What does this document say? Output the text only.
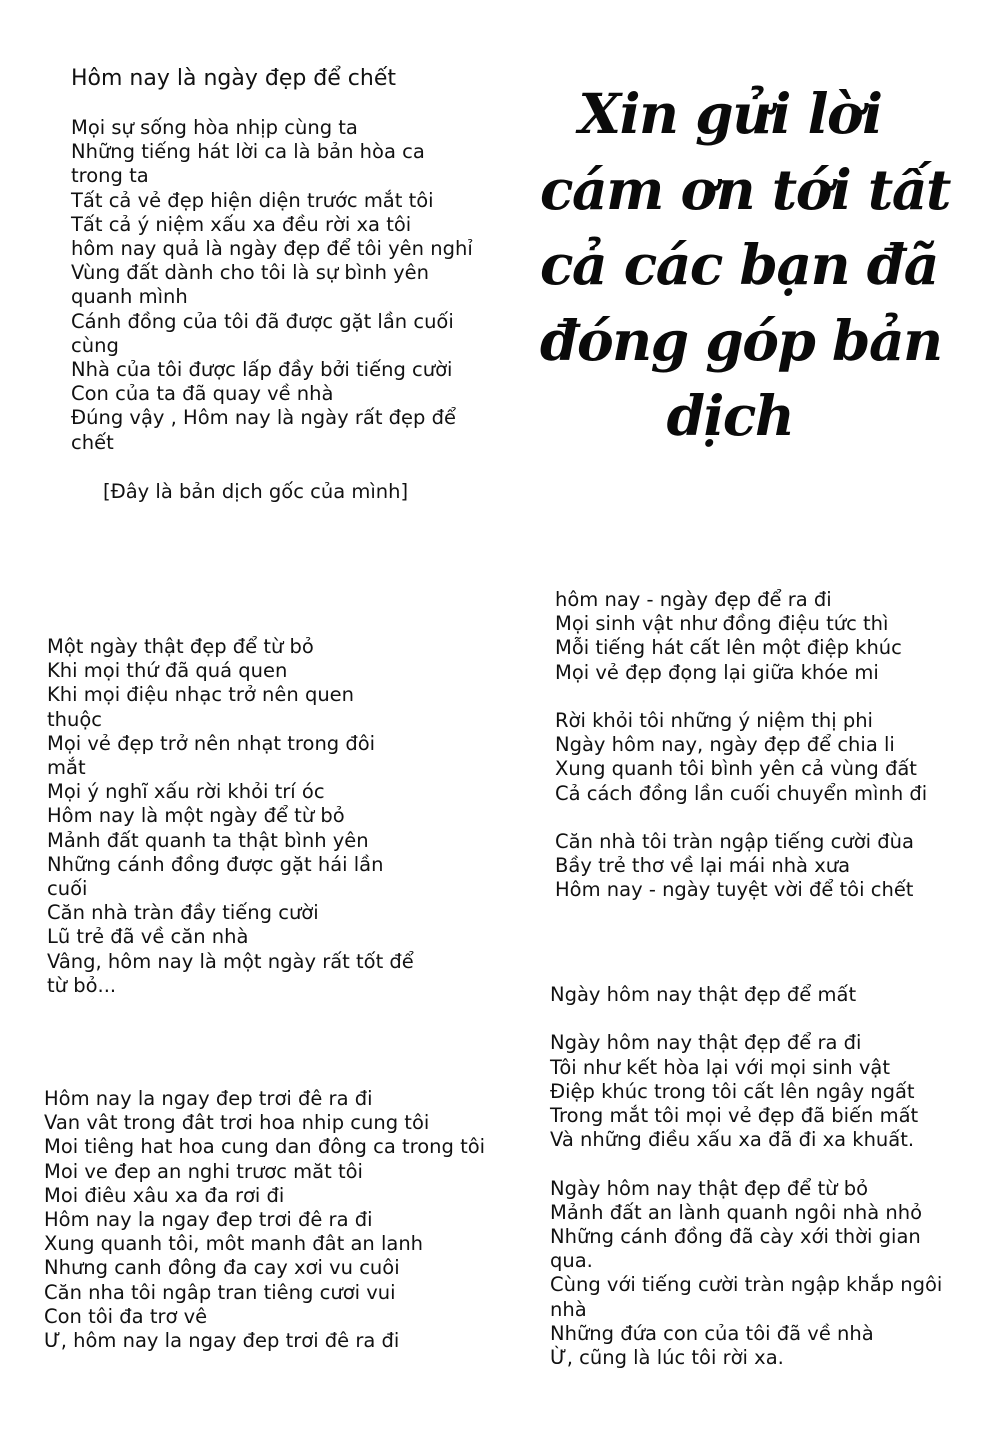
Hôm nay là ngày đẹp để chết
Mọi sự sống hòa nhịp cùng ta
Những tiếng hát lời ca là bản hòa ca
trong ta
Tất cả vẻ đẹp hiện diện trước mắt tôi
Tất cả ý niệm xấu xa đều rời xa tôi
hôm nay quả là ngày đẹp để tôi yên nghỉ
Vùng đất dành cho tôi là sự bình yên
quanh mình
Cánh đồng của tôi đã được gặt lần cuối
cùng
Nhà của tôi được lấp đầy bởi tiếng cười
Con của ta đã quay về nhà
Đúng vậy , Hôm nay là ngày rất đẹp để
chết
[Đây là bản dịch gốc của mình]
Xin gửi lời
cám ơn tới tất
cả các bạn đã
đóng góp bản
dịch
Một ngày thật đẹp để từ bỏ
Khi mọi thứ đã quá quen
Khi mọi điệu nhạc trở nên quen
thuộc
Mọi vẻ đẹp trở nên nhạt trong đôi
mắt
Mọi ý nghĩ xấu rời khỏi trí óc
Hôm nay là một ngày để từ bỏ
Mảnh đất quanh ta thật bình yên
Những cánh đồng được gặt hái lần
cuối
Căn nhà tràn đầy tiếng cười
Lũ trẻ đã về căn nhà
Vâng, hôm nay là một ngày rất tốt để
từ bỏ...
hôm nay - ngày đẹp để ra đi
Mọi sinh vật như đồng điệu tức thì
Mỗi tiếng hát cất lên một điệp khúc
Mọi vẻ đẹp đọng lại giữa khóe mi

Rời khỏi tôi những ý niệm thị phi
Ngày hôm nay, ngày đẹp để chia li
Xung quanh tôi bình yên cả vùng đất
Cả cách đồng lần cuối chuyển mình đi

Căn nhà tôi tràn ngập tiếng cười đùa
Bầy trẻ thơ về lại mái nhà xưa
Hôm nay - ngày tuyệt vời để tôi chết
Ngày hôm nay thật đẹp để mất

Ngày hôm nay thật đẹp để ra đi
Tôi như kết hòa lại với mọi sinh vật
Điệp khúc trong tôi cất lên ngây ngất
Trong mắt tôi mọi vẻ đẹp đã biến mất
Và những điều xấu xa đã đi xa khuất.

Ngày hôm nay thật đẹp để từ bỏ
Mảnh đất an lành quanh ngôi nhà nhỏ
Những cánh đồng đã cày xới thời gian
qua.
Cùng với tiếng cười tràn ngập khắp ngôi
nhà
Những đứa con của tôi đã về nhà
Ừ, cũng là lúc tôi rời xa.
Hôm nay la ngay đep trơi đê ra đi
Van vât trong đât trơi hoa nhip cung tôi
Moi tiêng hat hoa cung dan đông ca trong tôi
Moi ve đep an nghi trươc măt tôi
Moi điêu xâu xa đa rơi đi
Hôm nay la ngay đep trơi đê ra đi
Xung quanh tôi, môt manh đât an lanh
Nhưng canh đông đa cay xơi vu cuôi
Căn nha tôi ngâp tran tiêng cươi vui
Con tôi đa trơ vê
Ư, hôm nay la ngay đep trơi đê ra đi
